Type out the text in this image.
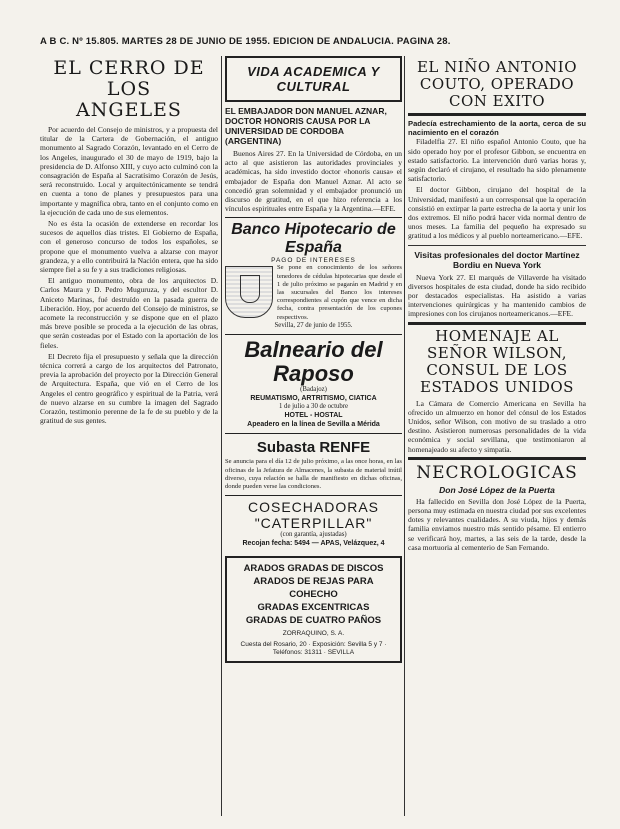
A B C. Nº 15.805. MARTES 28 DE JUNIO DE 1955. EDICION DE ANDALUCIA. PAGINA 28.
EL CERRO DE LOS
ANGELES

Por acuerdo del Consejo de ministros, y a propuesta del titular de la Cartera de Gobernación, el antiguo monumento al Sagrado Corazón, levantado en el Cerro de los Angeles, inaugurado el 30 de mayo de 1919, bajo la presidencia de D. Alfonso XIII, y cuyo acto culminó con la consagración de España al Sacratísimo Corazón de Jesús, será reconstruido. Local y arquitectónicamente se tendrá en cuenta a tono de planes y presupuestos para una importante y magnífica obra, tanto en el conjunto como en la ejecución de cada uno de sus elementos.

No es ésta la ocasión de extenderse en recordar los sucesos de aquellos días tristes. El Gobierno de España, con el generoso concurso de todos los españoles, se propone que el monumento vuelva a alzarse con mayor grandeza, y a ello contribuirá la Nación entera, que ha sido siempre fiel a su fe y a sus tradiciones religiosas.

El antiguo monumento, obra de los arquitectos D. Carlos Maura y D. Pedro Muguruza, y del escultor D. Aniceto Marinas, fué destruído en la pasada guerra de Liberación. Hoy, por acuerdo del Consejo de ministros, se acomete la reconstrucción y se dispone que en el plazo más breve posible se proceda a la ejecución de las obras, que serán costeadas por el Estado con la aportación de los fieles.

El Decreto fija el presupuesto y señala que la dirección técnica correrá a cargo de los arquitectos del Patronato, previa la aprobación del proyecto por la Dirección General de Arquitectura. España, que vió en el Cerro de los Angeles el centro geográfico y espiritual de la Patria, verá de nuevo alzarse en su cumbre la imagen del Sagrado Corazón, testimonio perenne de la fe de su pueblo y de la gratitud de sus gentes.

VIDA ACADEMICA Y CULTURAL
EL EMBAJADOR DON MANUEL AZNAR, DOCTOR HONORIS CAUSA POR LA UNIVERSIDAD DE CORDOBA (ARGENTINA)

Buenos Aires 27. En la Universidad de Córdoba, en un acto al que asistieron las autoridades provinciales y académicas, ha sido investido doctor «honoris causa» el embajador de España don Manuel Aznar. Al acto se concedió gran solemnidad y el embajador pronunció un discurso de gratitud, en el que hizo referencia a los vínculos espirituales entre España y la Argentina.—EFE.

Banco Hipotecario de España
PAGO DE INTERESES
Se pone en conocimiento de los señores tenedores de cédulas hipotecarias que desde el 1 de julio próximo se pagarán en Madrid y en las sucursales del Banco los intereses correspondientes al cupón que vence en dicha fecha, contra presentación de los cupones respectivos.
Sevilla, 27 de junio de 1955.
Balneario del Raposo
(Badajoz)
REUMATISMO, ARTRITISMO, CIATICA
1 de julio a 30 de octubre
HOTEL - HOSTAL
Apeadero en la línea de Sevilla a Mérida
Subasta RENFE
Se anuncia para el día 12 de julio próximo, a las once horas, en las oficinas de la Jefatura de Almacenes, la subasta de material inútil diverso, cuya relación se halla de manifiesto en dichas oficinas, donde pueden verse las condiciones.
COSECHADORAS
"CATERPILLAR"
(con garantía, ajustadas)
Recojan fecha: 5494 — APAS, Velázquez, 4
ARADOS GRADAS DE DISCOS
ARADOS DE REJAS PARA
COHECHO
GRADAS EXCENTRICAS
GRADAS DE CUATRO PAÑOS
ZORRAQUINO, S. A.
Cuesta del Rosario, 20 · Exposición: Sevilla 5 y 7 · Teléfonos: 31311 · SEVILLA
EL NIÑO ANTONIO COUTO, OPERADO CON EXITO
Padecía estrechamiento de la aorta, cerca de su nacimiento en el corazón

Filadelfia 27. El niño español Antonio Couto, que ha sido operado hoy por el profesor Gibbon, se encuentra en estado satisfactorio. La intervención duró varias horas y, según declaró el cirujano, el resultado ha sido plenamente satisfactorio.

El doctor Gibbon, cirujano del hospital de la Universidad, manifestó a un corresponsal que la operación consistió en extirpar la parte estrecha de la aorta y unir los dos extremos. El niño podrá hacer vida normal dentro de unos meses. La familia del pequeño ha expresado su gratitud a los médicos y al pueblo norteamericano.—EFE.

Visitas profesionales del doctor Martínez Bordiu en Nueva York

Nueva York 27. El marqués de Villaverde ha visitado diversos hospitales de esta ciudad, donde ha sido recibido por destacados especialistas. Ha asistido a varias intervenciones quirúrgicas y ha mantenido cambios de impresiones con los cirujanos norteamericanos.—EFE.

HOMENAJE AL SEÑOR WILSON, CONSUL DE LOS ESTADOS UNIDOS

La Cámara de Comercio Americana en Sevilla ha ofrecido un almuerzo en honor del cónsul de los Estados Unidos, señor Wilson, con motivo de su traslado a otro destino. Asistieron numerosas personalidades de la vida económica y social sevillana, que testimoniaron al homenajeado su afecto y simpatía.

NECROLOGICAS
Don José López de la Puerta

Ha fallecido en Sevilla don José López de la Puerta, persona muy estimada en nuestra ciudad por sus excelentes dotes y relevantes cualidades. A su viuda, hijos y demás familia enviamos nuestro más sentido pésame. El entierro se verificará hoy, martes, a las seis de la tarde, desde la casa mortuoria al cementerio de San Fernando.
